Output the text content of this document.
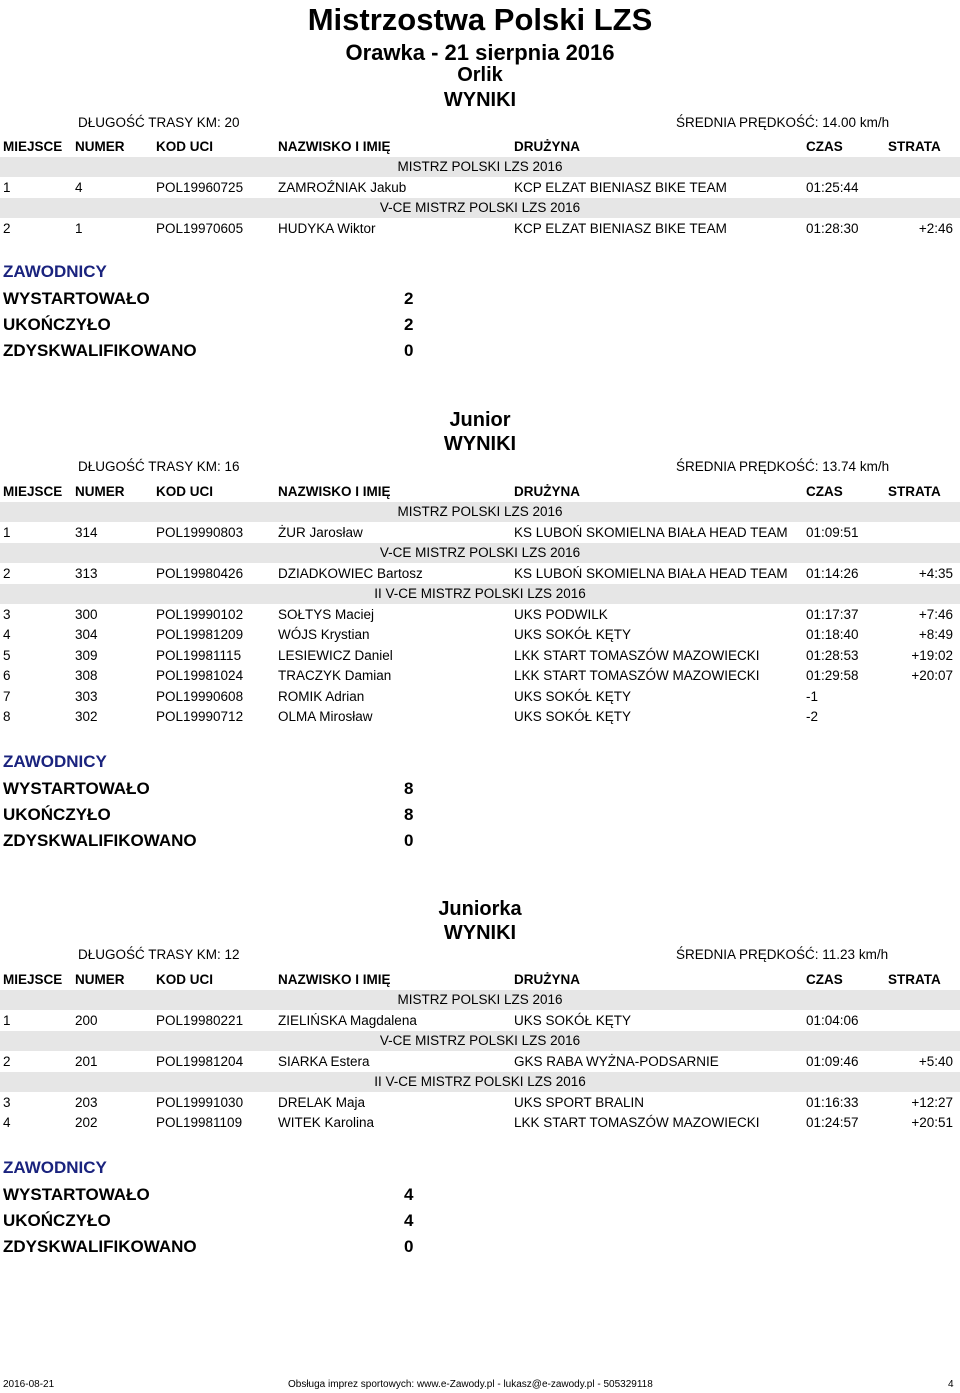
Mistrzostwa Polski LZS
Orawka - 21 sierpnia 2016
Orlik
WYNIKI
DŁUGOŚĆ TRASY KM: 20	ŚREDNIA PRĘDKOŚĆ: 14.00 km/h
MIEJSCE NUMER KOD UCI	NAZWISKO I IMIĘ	DRUŻYNA	CZAS	STRATA
MISTRZ POLSKI LZS 2016
1	4	POL19960725	ZAMROŹNIAK Jakub	KCP ELZAT BIENIASZ BIKE TEAM	01:25:44
V-CE MISTRZ POLSKI LZS 2016
2	1	POL19970605	HUDYKA Wiktor	KCP ELZAT BIENIASZ BIKE TEAM	01:28:30	+2:46
ZAWODNICY
WYSTARTOWAŁO	2
UKOŃCZYŁO	2
ZDYSKWALIFIKOWANO	0
Junior
WYNIKI
DŁUGOŚĆ TRASY KM: 16	ŚREDNIA PRĘDKOŚĆ: 13.74 km/h
MIEJSCE NUMER KOD UCI	NAZWISKO I IMIĘ	DRUŻYNA	CZAS	STRATA
MISTRZ POLSKI LZS 2016
1	314	POL19990803	ŻUR Jarosław	KS LUBOŃ SKOMIELNA BIAŁA HEAD TEAM 01:09:51
V-CE MISTRZ POLSKI LZS 2016
2	313	POL19980426	DZIADKOWIEC Bartosz	KS LUBOŃ SKOMIELNA BIAŁA HEAD TEAM 01:14:26	+4:35
II V-CE MISTRZ POLSKI LZS 2016
3	300	POL19990102	SOŁTYS Maciej	UKS PODWILK	01:17:37	+7:46
4	304	POL19981209	WÓJS Krystian	UKS SOKÓŁ KĘTY	01:18:40	+8:49
5	309	POL19981115	LESIEWICZ Daniel	LKK START TOMASZÓW MAZOWIECKI	01:28:53	+19:02
6	308	POL19981024	TRACZYK Damian	LKK START TOMASZÓW MAZOWIECKI	01:29:58	+20:07
7	303	POL19990608	ROMIK Adrian	UKS SOKÓŁ KĘTY	-1
8	302	POL19990712	OLMA Mirosław	UKS SOKÓŁ KĘTY	-2
ZAWODNICY
WYSTARTOWAŁO	8
UKOŃCZYŁO	8
ZDYSKWALIFIKOWANO	0
Juniorka
WYNIKI
DŁUGOŚĆ TRASY KM: 12	ŚREDNIA PRĘDKOŚĆ: 11.23 km/h
MIEJSCE NUMER KOD UCI	NAZWISKO I IMIĘ	DRUŻYNA	CZAS	STRATA
MISTRZ POLSKI LZS 2016
1	200	POL19980221	ZIELIŃSKA Magdalena	UKS SOKÓŁ KĘTY	01:04:06
V-CE MISTRZ POLSKI LZS 2016
2	201	POL19981204	SIARKA Estera	GKS RABA WYŻNA-PODSARNIE	01:09:46	+5:40
II V-CE MISTRZ POLSKI LZS 2016
3	203	POL19991030	DRELAK Maja	UKS SPORT BRALIN	01:16:33	+12:27
4	202	POL19981109	WITEK Karolina	LKK START TOMASZÓW MAZOWIECKI	01:24:57	+20:51
ZAWODNICY
WYSTARTOWAŁO	4
UKOŃCZYŁO	4
ZDYSKWALIFIKOWANO	0
2016-08-21	Obsługa imprez sportowych: www.e-Zawody.pl - lukasz@e-zawody.pl - 505329118	4
